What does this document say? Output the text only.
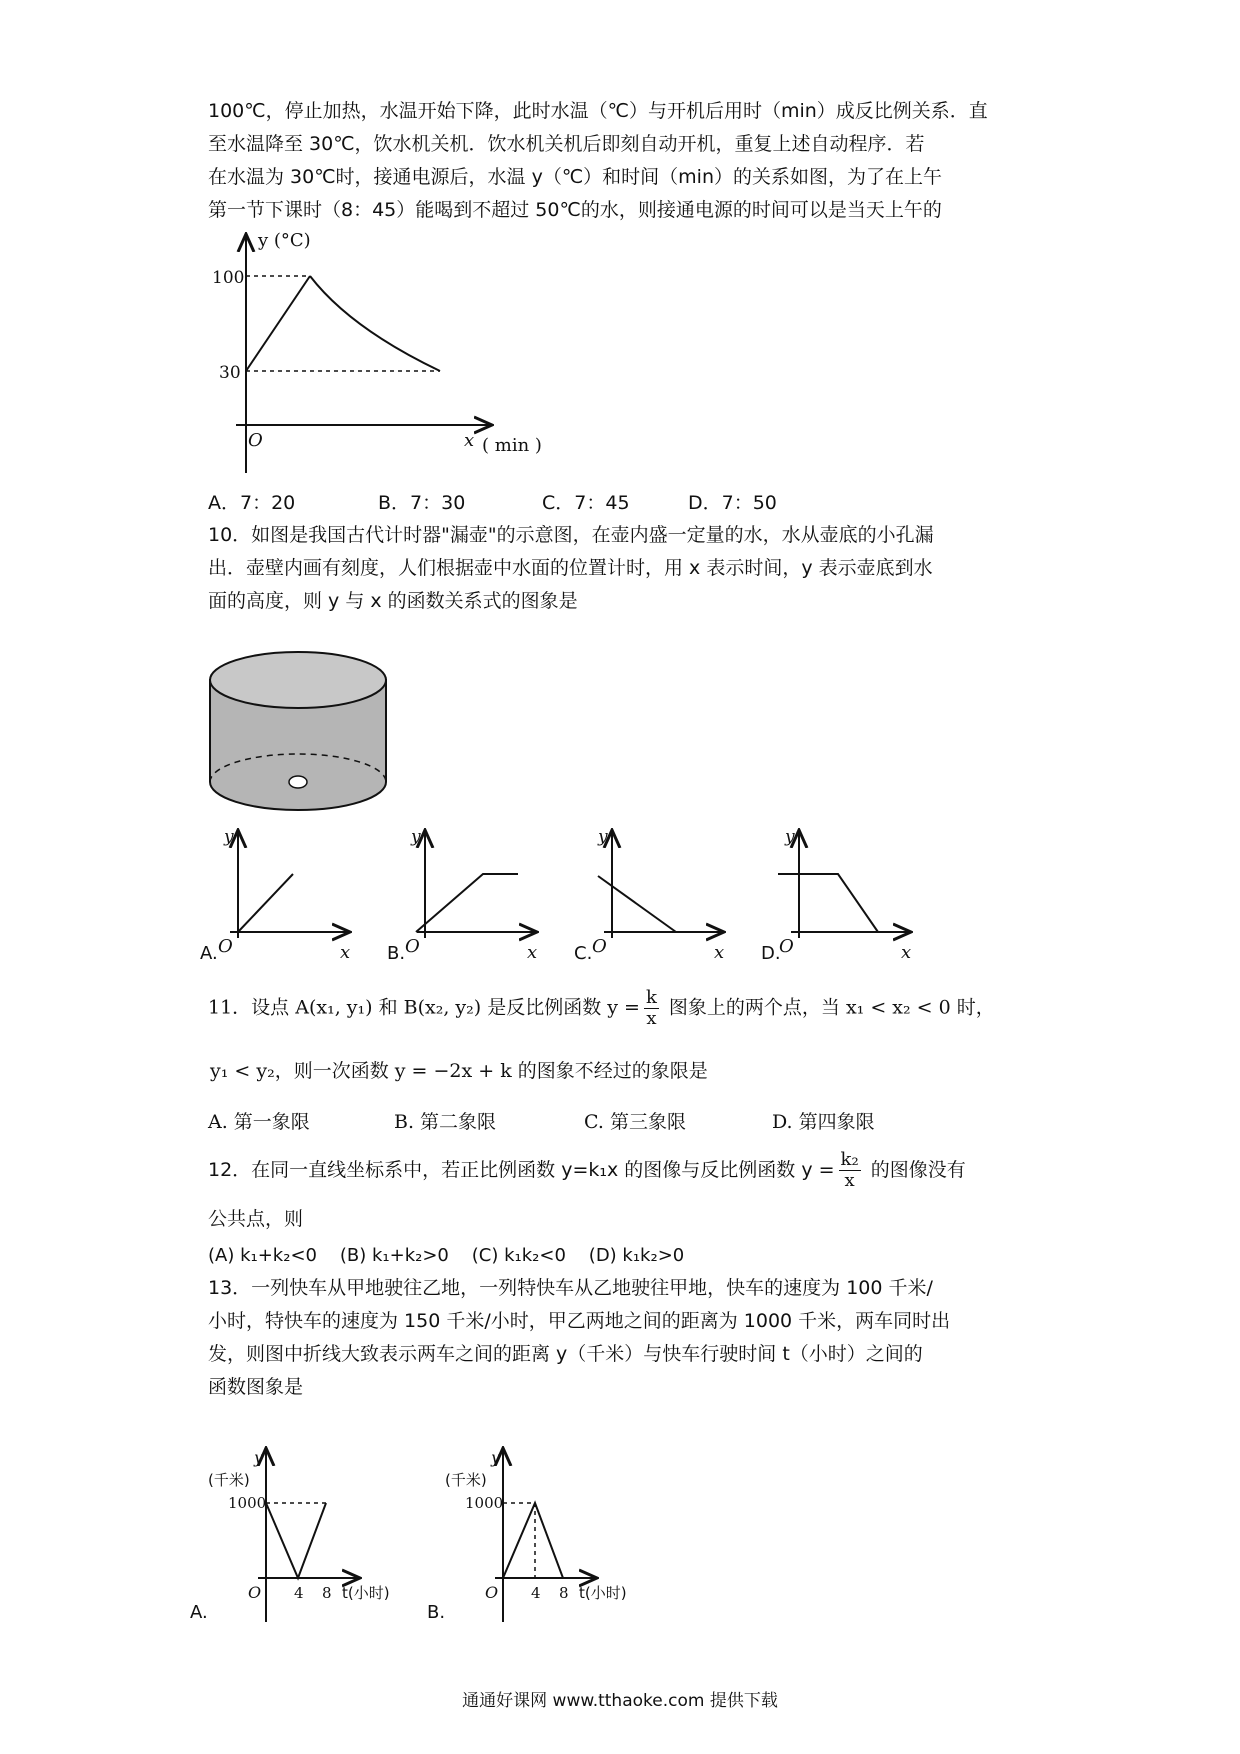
100℃，停止加热，水温开始下降，此时水温（℃）与开机后用时（min）成反比例关系．直
至水温降至 30℃，饮水机关机．饮水机关机后即刻自动开机，重复上述自动程序．若
在水温为 30℃时，接通电源后，水温 y（℃）和时间（min）的关系如图，为了在上午
第一节下课时（8：45）能喝到不超过 50℃的水，则接通电源的时间可以是当天上午的
y (°C)
100
30
O	x ( min )
A．7：20	B．7：30	C．7：45	D．7：50
10．如图是我国古代计时器"漏壶"的示意图，在壶内盛一定量的水，水从壶底的小孔漏
出．壶壁内画有刻度，人们根据壶中水面的位置计时，用 x 表示时间，y 表示壶底到水
面的高度，则 y 与 x 的函数关系式的图象是
A.
y
O	x B.
y
O	x C.
y
O	x D.
y
O	x
11．设点 A(x₁, y₁) 和 B(x₂, y₂) 是反比例函数 $y = \frac{k}{x}$ 图象上的两个点，当 x₁ < x₂ < 0 时，
y₁ < y₂，则一次函数 y = −2x + k 的图象不经过的象限是
A. 第一象限	B. 第二象限	C. 第三象限	D. 第四象限
12．在同一直线坐标系中，若正比例函数 y=k₁x 的图像与反比例函数 $y = \frac{\text{k₂}}{x}$ 的图像没有
公共点，则
(A) k₁+k₂<0    (B) k₁+k₂>0    (C) k₁k₂<0    (D) k₁k₂>0
13．一列快车从甲地驶往乙地，一列特快车从乙地驶往甲地，快车的速度为 100 千米/
小时，特快车的速度为 150 千米/小时，甲乙两地之间的距离为 1000 千米，两车同时出
发，则图中折线大致表示两车之间的距离 y（千米）与快车行驶时间 t（小时）之间的
函数图象是
A.
y
(千米)
1000
O 4 8 t(小时)
B.
y
(千米)
1000
O 4 8 t(小时)
通通好课网 www.tthaoke.com 提供下载
